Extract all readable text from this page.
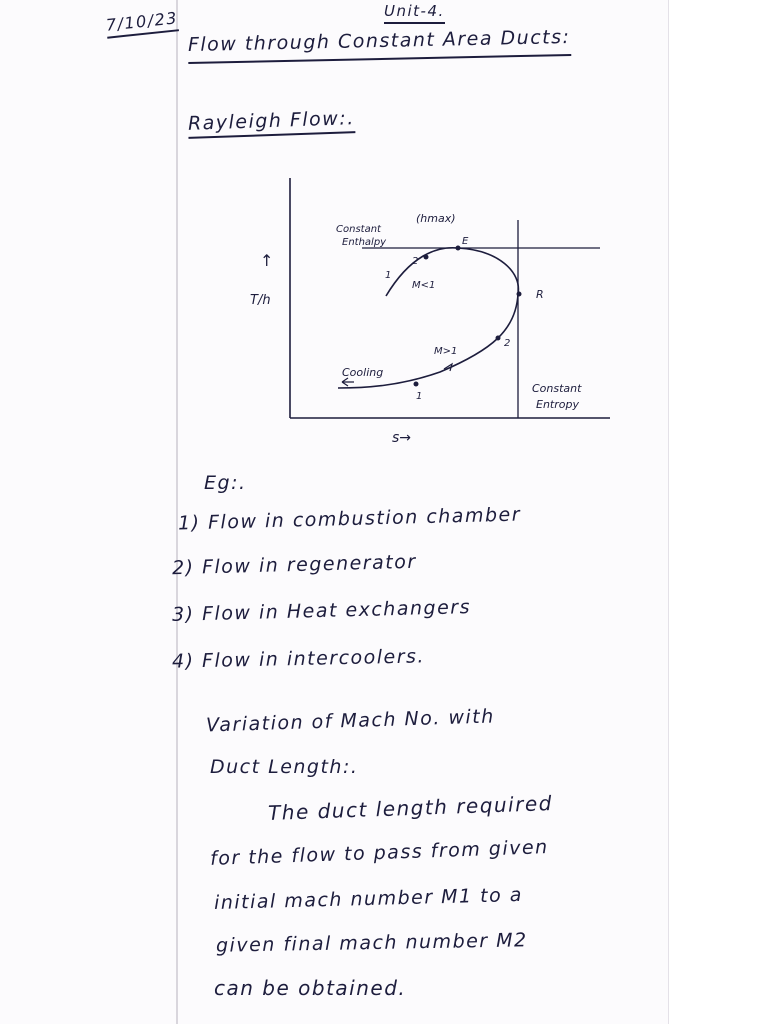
7/10/23	Unit-4.

Flow through Constant Area Ducts:

Rayleigh Flow:.

Constant
Enthalpy
(hmax)
E
R
1
2
M<1
M>1
2
1
Cooling
Constant
Entropy
↑
T/h
s→

Eg:.

1) Flow in combustion chamber

2) Flow in regenerator

3) Flow in Heat exchangers

4) Flow in intercoolers.

Variation of Mach No. with

Duct Length:.

The duct length required

for the flow to pass from given

initial mach number M1 to a

given final mach number M2

can be obtained.
